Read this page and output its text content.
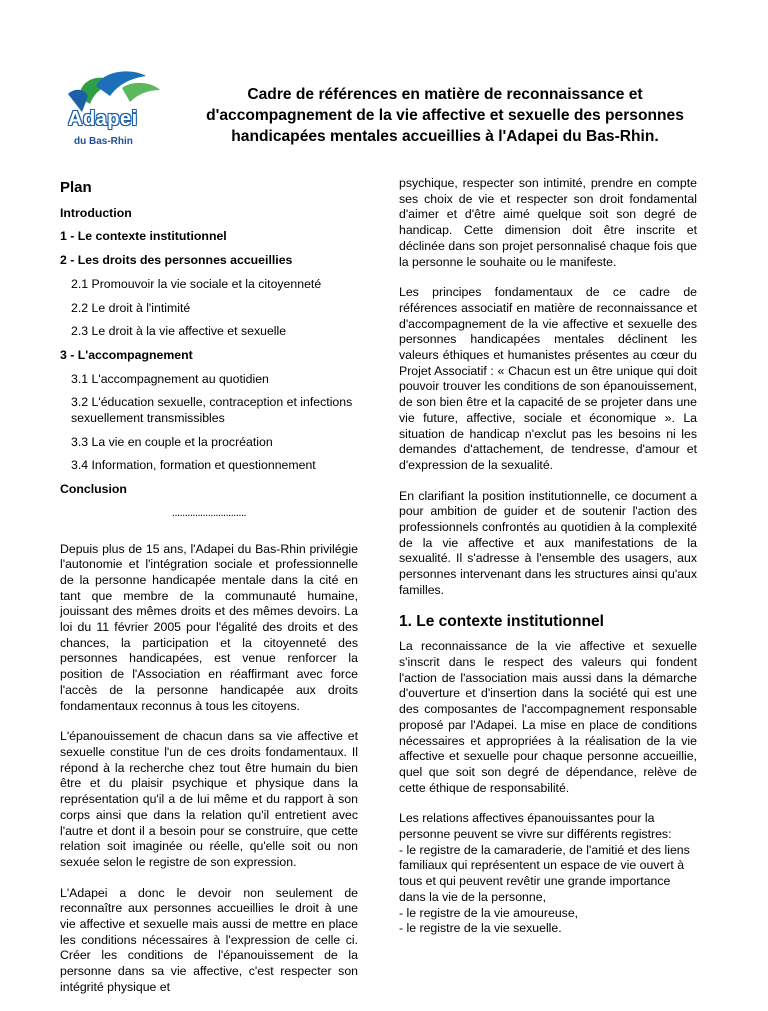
Adapei
du Bas-Rhin
Cadre de références en matière de reconnaissance et d'accompagnement de la vie affective et sexuelle des personnes handicapées mentales accueillies à l'Adapei du Bas-Rhin.
Plan
Introduction
1 - Le contexte institutionnel
2 - Les droits des personnes accueillies
2.1 Promouvoir la vie sociale et la citoyenneté
2.2 Le droit à l'intimité
2.3 Le droit à la vie affective et sexuelle
3 - L'accompagnement
3.1 L'accompagnement au quotidien
3.2 L'éducation sexuelle, contraception et infections sexuellement transmissibles
3.3 La vie en couple et la procréation
3.4 Information, formation et questionnement
Conclusion
.............................

Depuis plus de 15 ans, l'Adapei du Bas-Rhin privilégie l'autonomie et l'intégration sociale et professionnelle de la personne handicapée mentale dans la cité en tant que membre de la communauté humaine, jouissant des mêmes droits et des mêmes devoirs. La loi du 11 février 2005 pour l'égalité des droits et des chances, la participation et la citoyenneté des personnes handicapées, est venue renforcer la position de l'Association en réaffirmant avec force l'accès de la personne handicapée aux droits fondamentaux reconnus à tous les citoyens.

L'épanouissement de chacun dans sa vie affective et sexuelle constitue l'un de ces droits fondamentaux. Il répond à la recherche chez tout être humain du bien être et du plaisir psychique et physique dans la représentation qu'il a de lui même et du rapport à son corps ainsi que dans la relation qu'il entretient avec l'autre et dont il a besoin pour se construire, que cette relation soit imaginée ou réelle, qu'elle soit ou non sexuée selon le registre de son expression.

L'Adapei a donc le devoir non seulement de reconnaître aux personnes accueillies le droit à une vie affective et sexuelle mais aussi de mettre en place les conditions nécessaires à l'expression de celle ci. Créer les conditions de l'épanouissement de la personne dans sa vie affective, c'est respecter son intégrité physique et

psychique, respecter son intimité, prendre en compte ses choix de vie et respecter son droit fondamental d'aimer et d'être aimé quelque soit son degré de handicap. Cette dimension doit être inscrite et déclinée dans son projet personnalisé chaque fois que la personne le souhaite ou le manifeste.

Les principes fondamentaux de ce cadre de références associatif en matière de reconnaissance et d'accompagnement de la vie affective et sexuelle des personnes handicapées mentales déclinent les valeurs éthiques et humanistes présentes au cœur du Projet Associatif : « Chacun est un être unique qui doit pouvoir trouver les conditions de son épanouissement, de son bien être et la capacité de se projeter dans une vie future, affective, sociale et économique ». La situation de handicap n'exclut pas les besoins ni les demandes d'attachement, de tendresse, d'amour et d'expression de la sexualité.

En clarifiant la position institutionnelle, ce document a pour ambition de guider et de soutenir l'action des professionnels confrontés au quotidien à la complexité de la vie affective et aux manifestations de la sexualité. Il s'adresse à l'ensemble des usagers, aux personnes intervenant dans les structures ainsi qu'aux familles.

1. Le contexte institutionnel

La reconnaissance de la vie affective et sexuelle s'inscrit dans le respect des valeurs qui fondent l'action de l'association mais aussi dans la démarche d'ouverture et d'insertion dans la société qui est une des composantes de l'accompagnement responsable proposé par l'Adapei. La mise en place de conditions nécessaires et appropriées à la réalisation de la vie affective et sexuelle pour chaque personne accueillie, quel que soit son degré de dépendance, relève de cette éthique de responsabilité.

Les relations affectives épanouissantes pour la personne peuvent se vivre sur différents registres:
- le registre de la camaraderie, de l'amitié et des liens familiaux qui représentent un espace de vie ouvert à tous et qui peuvent revêtir une grande importance dans la vie de la personne,
- le registre de la vie amoureuse,
- le registre de la vie sexuelle.
